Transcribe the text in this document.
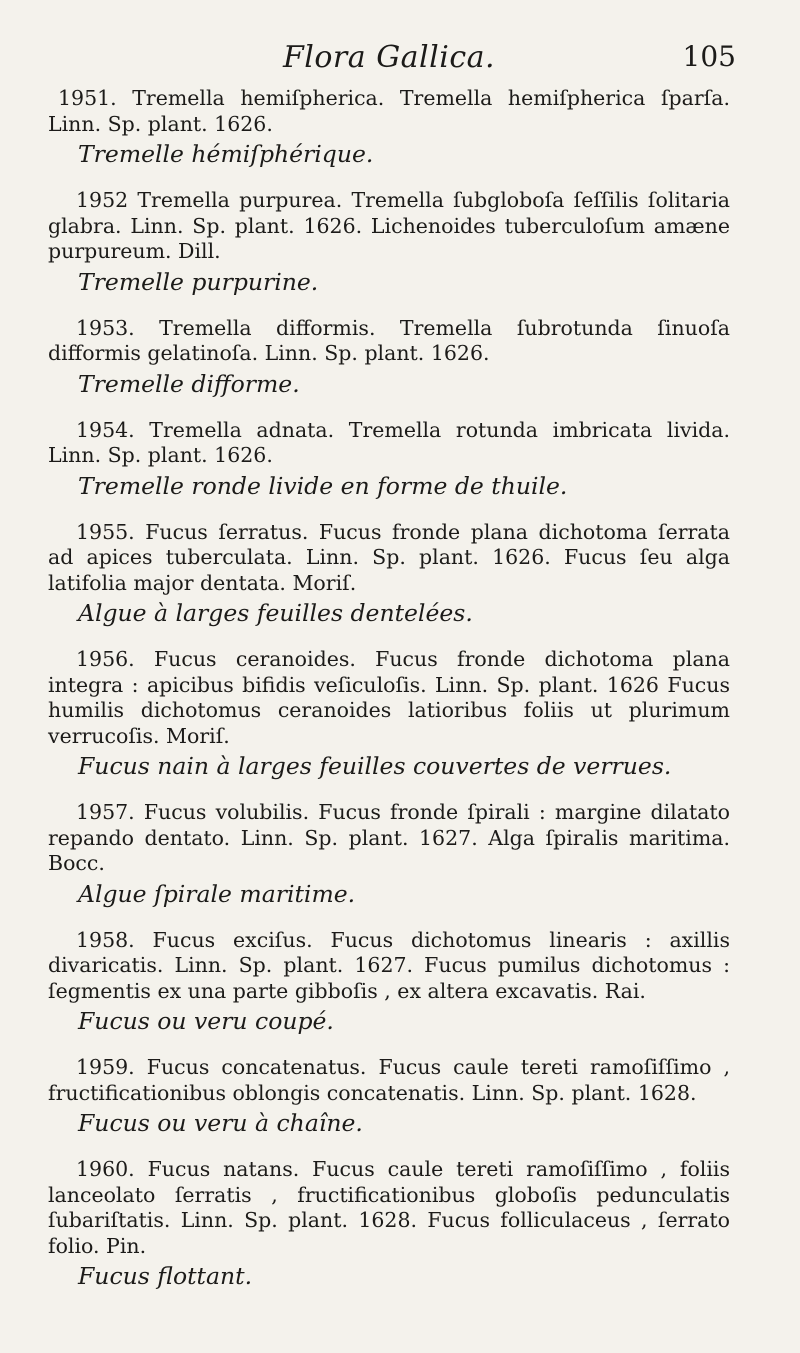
Flora Gallica.	105

1951. Tremella hemiſpherica. Tremella hemiſpherica ſparſa. Linn. Sp. plant. 1626.

Tremelle hémiſphérique.

1952 Tremella purpurea. Tremella ſubgloboſa ſeſſilis ſolitaria glabra. Linn. Sp. plant. 1626. Lichenoides tuberculoſum amæne purpureum. Dill.

Tremelle purpurine.

1953. Tremella difformis. Tremella ſubrotunda ſinuoſa difformis gelatinoſa. Linn. Sp. plant. 1626.

Tremelle difforme.

1954. Tremella adnata. Tremella rotunda imbricata livida. Linn. Sp. plant. 1626.

Tremelle ronde livide en forme de thuile.

1955. Fucus ſerratus. Fucus fronde plana dichotoma ſerrata ad apices tuberculata. Linn. Sp. plant. 1626. Fucus ſeu alga latifolia major dentata. Moriſ.

Algue à larges feuilles dentelées.

1956. Fucus ceranoides. Fucus fronde dichotoma plana integra : apicibus bifidis veſiculoſis. Linn. Sp. plant. 1626 Fucus humilis dichotomus ceranoides latioribus foliis ut plurimum verrucoſis. Moriſ.

Fucus nain à larges feuilles couvertes de verrues.

1957. Fucus volubilis. Fucus fronde ſpirali : margine dilatato repando dentato. Linn. Sp. plant. 1627. Alga ſpiralis maritima. Bocc.

Algue ſpirale maritime.

1958. Fucus exciſus. Fucus dichotomus linearis : axillis divaricatis. Linn. Sp. plant. 1627. Fucus pumilus dichotomus : ſegmentis ex una parte gibboſis , ex altera excavatis. Rai.

Fucus ou veru coupé.

1959. Fucus concatenatus. Fucus caule tereti ramoſiſſimo , fructificationibus oblongis concatenatis. Linn. Sp. plant. 1628.

Fucus ou veru à chaîne.

1960. Fucus natans. Fucus caule tereti ramoſiſſimo , foliis lanceolato ſerratis , fructificationibus globoſis pedunculatis ſubariſtatis. Linn. Sp. plant. 1628. Fucus folliculaceus , ſerrato folio. Pin.

Fucus flottant.
